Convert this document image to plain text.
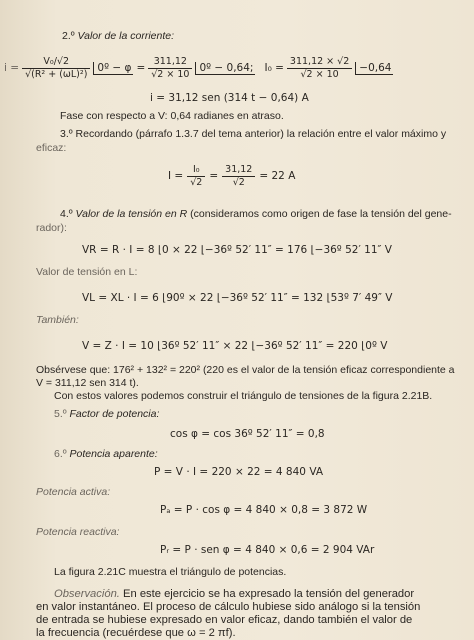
2.º Valor de la corriente:
$i = \frac{\text{V₀/√2}}{\text{√(R² + (ωL)²)}}$ 0º − $\varphi = \frac{311,12}{√2 \times 10}$ 0º − 0,64; $I_0 = \frac{311,12 \times √2}{√2 \times 10} -0,64$
i = 31,12 sen (314 t − 0,64) A
Fase con respecto a V: 0,64 radianes en atraso.
3.º Recordando (párrafo 1.3.7 del tema anterior) la relación entre el valor máximo y
eficaz:
$I = \frac{\text{I₀}}{√2} = \frac{31,12}{√2} = 22$ A
4.º Valor de la tensión en R (consideramos como origen de fase la tensión del gene-
rador):
VR = R · I = 8 ⌊0 × 22 ⌊−36º 52′ 11″ = 176 ⌊−36º 52′ 11″ V
Valor de tensión en L:
VL = XL · I = 6 ⌊90º × 22 ⌊−36º 52′ 11″ = 132 ⌊53º 7′ 49″ V
También:
V = Z · I = 10 ⌊36º 52′ 11″ × 22 ⌊−36º 52′ 11″ = 220 ⌊0º V
Obsérvese que: 176² + 132² = 220² (220 es el valor de la tensión eficaz correspondiente a
V = 311,12 sen 314 t).
Con estos valores podemos construir el triángulo de tensiones de la figura 2.21B.
5.º Factor de potencia:
cos φ = cos 36º 52′ 11″ = 0,8
6.º Potencia aparente:
P = V · I = 220 × 22 = 4 840 VA
Potencia activa:
Pₐ = P · cos φ = 4 840 × 0,8 = 3 872 W
Potencia reactiva:
Pᵣ = P · sen φ = 4 840 × 0,6 = 2 904 VAr
La figura 2.21C muestra el triángulo de potencias.
Observación. En este ejercicio se ha expresado la tensión del generador
en valor instantáneo. El proceso de cálculo hubiese sido análogo si la tensión
de entrada se hubiese expresado en valor eficaz, dando también el valor de
la frecuencia (recuérdese que ω = 2 πf).
